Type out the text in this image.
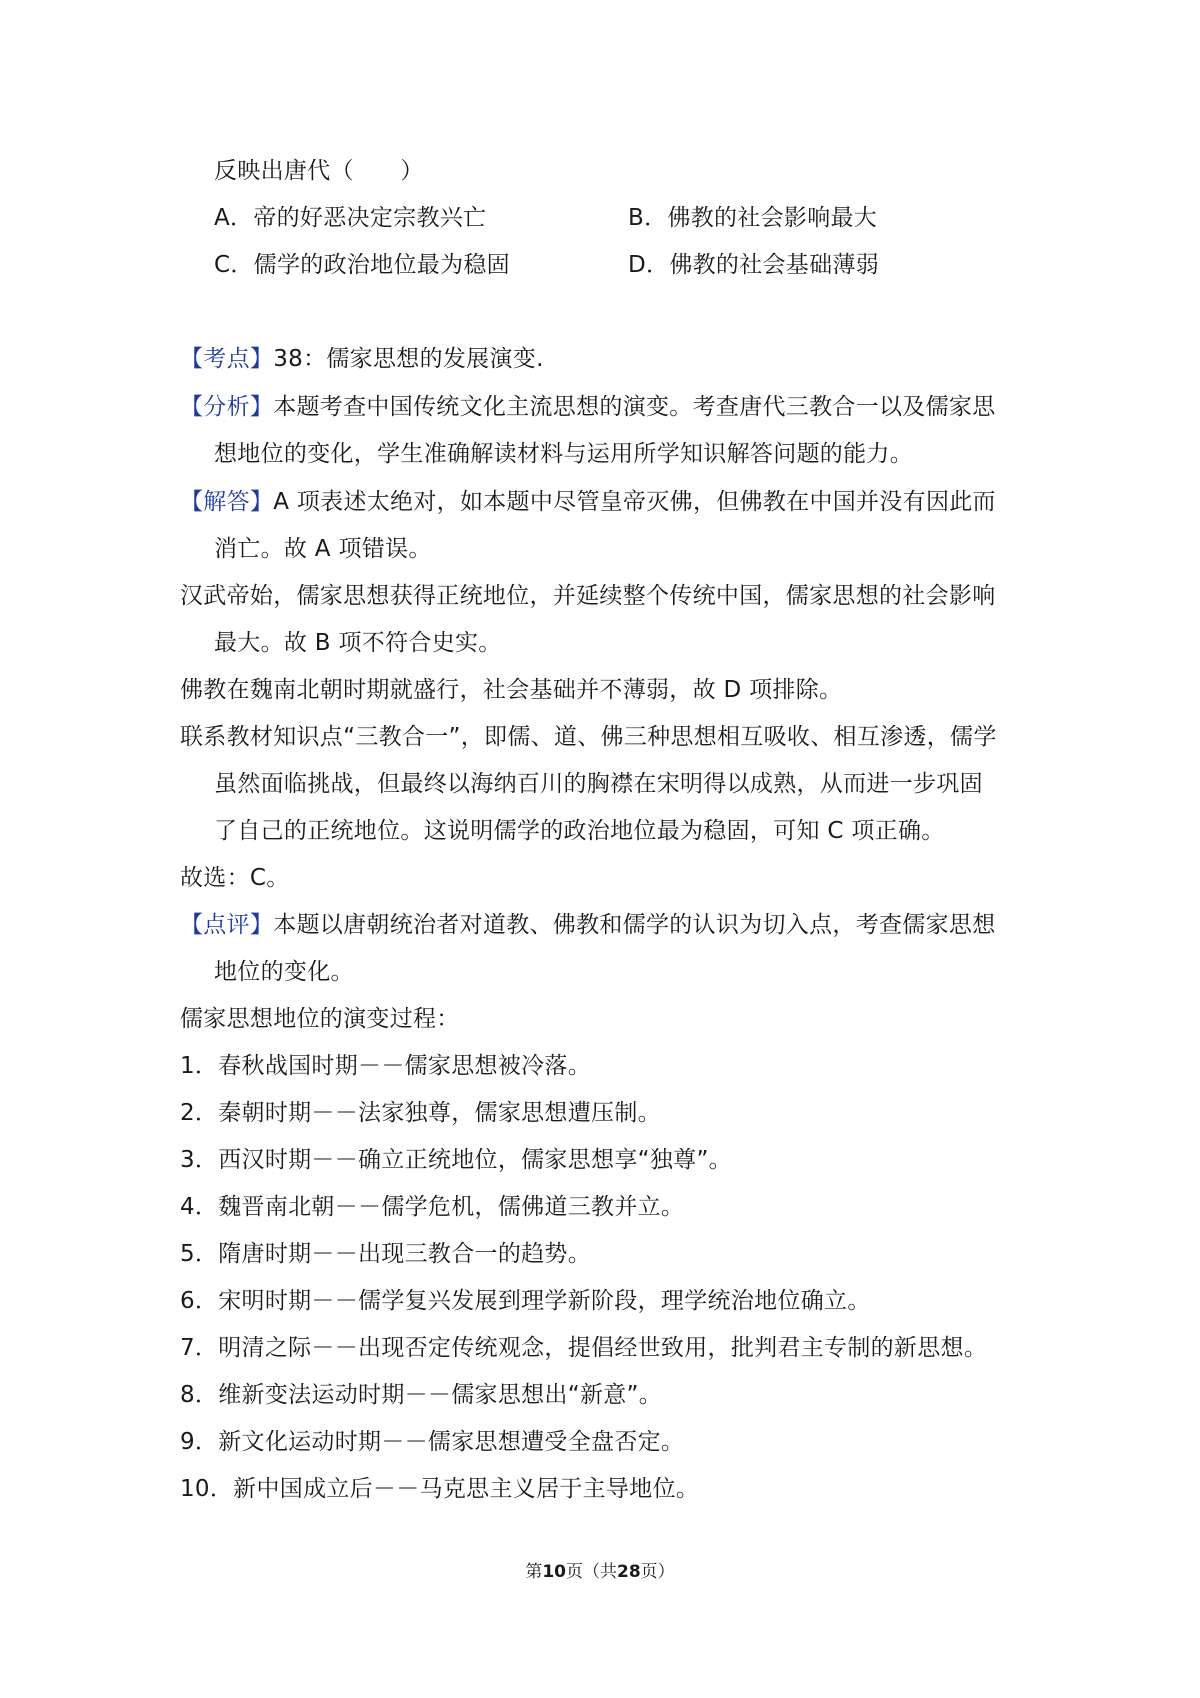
反映出唐代（　　）
A．帝的好恶决定宗教兴亡	B．佛教的社会影响最大
C．儒学的政治地位最为稳固	D．佛教的社会基础薄弱
【考点】38：儒家思想的发展演变.
【分析】本题考查中国传统文化主流思想的演变。考查唐代三教合一以及儒家思
想地位的变化，学生准确解读材料与运用所学知识解答问题的能力。
【解答】A 项表述太绝对，如本题中尽管皇帝灭佛，但佛教在中国并没有因此而
消亡。故 A 项错误。
汉武帝始，儒家思想获得正统地位，并延续整个传统中国，儒家思想的社会影响
最大。故 B 项不符合史实。
佛教在魏南北朝时期就盛行，社会基础并不薄弱，故 D 项排除。
联系教材知识点“三教合一”，即儒、道、佛三种思想相互吸收、相互渗透，儒学
虽然面临挑战，但最终以海纳百川的胸襟在宋明得以成熟，从而进一步巩固
了自己的正统地位。这说明儒学的政治地位最为稳固，可知 C 项正确。
故选：C。
【点评】本题以唐朝统治者对道教、佛教和儒学的认识为切入点，考查儒家思想
地位的变化。
儒家思想地位的演变过程：
1．春秋战国时期－－儒家思想被冷落。
2．秦朝时期－－法家独尊，儒家思想遭压制。
3．西汉时期－－确立正统地位，儒家思想享“独尊”。
4．魏晋南北朝－－儒学危机，儒佛道三教并立。
5．隋唐时期－－出现三教合一的趋势。
6．宋明时期－－儒学复兴发展到理学新阶段，理学统治地位确立。
7．明清之际－－出现否定传统观念，提倡经世致用，批判君主专制的新思想。
8．维新变法运动时期－－儒家思想出“新意”。
9．新文化运动时期－－儒家思想遭受全盘否定。
10．新中国成立后－－马克思主义居于主导地位。
第10页（共28页）
